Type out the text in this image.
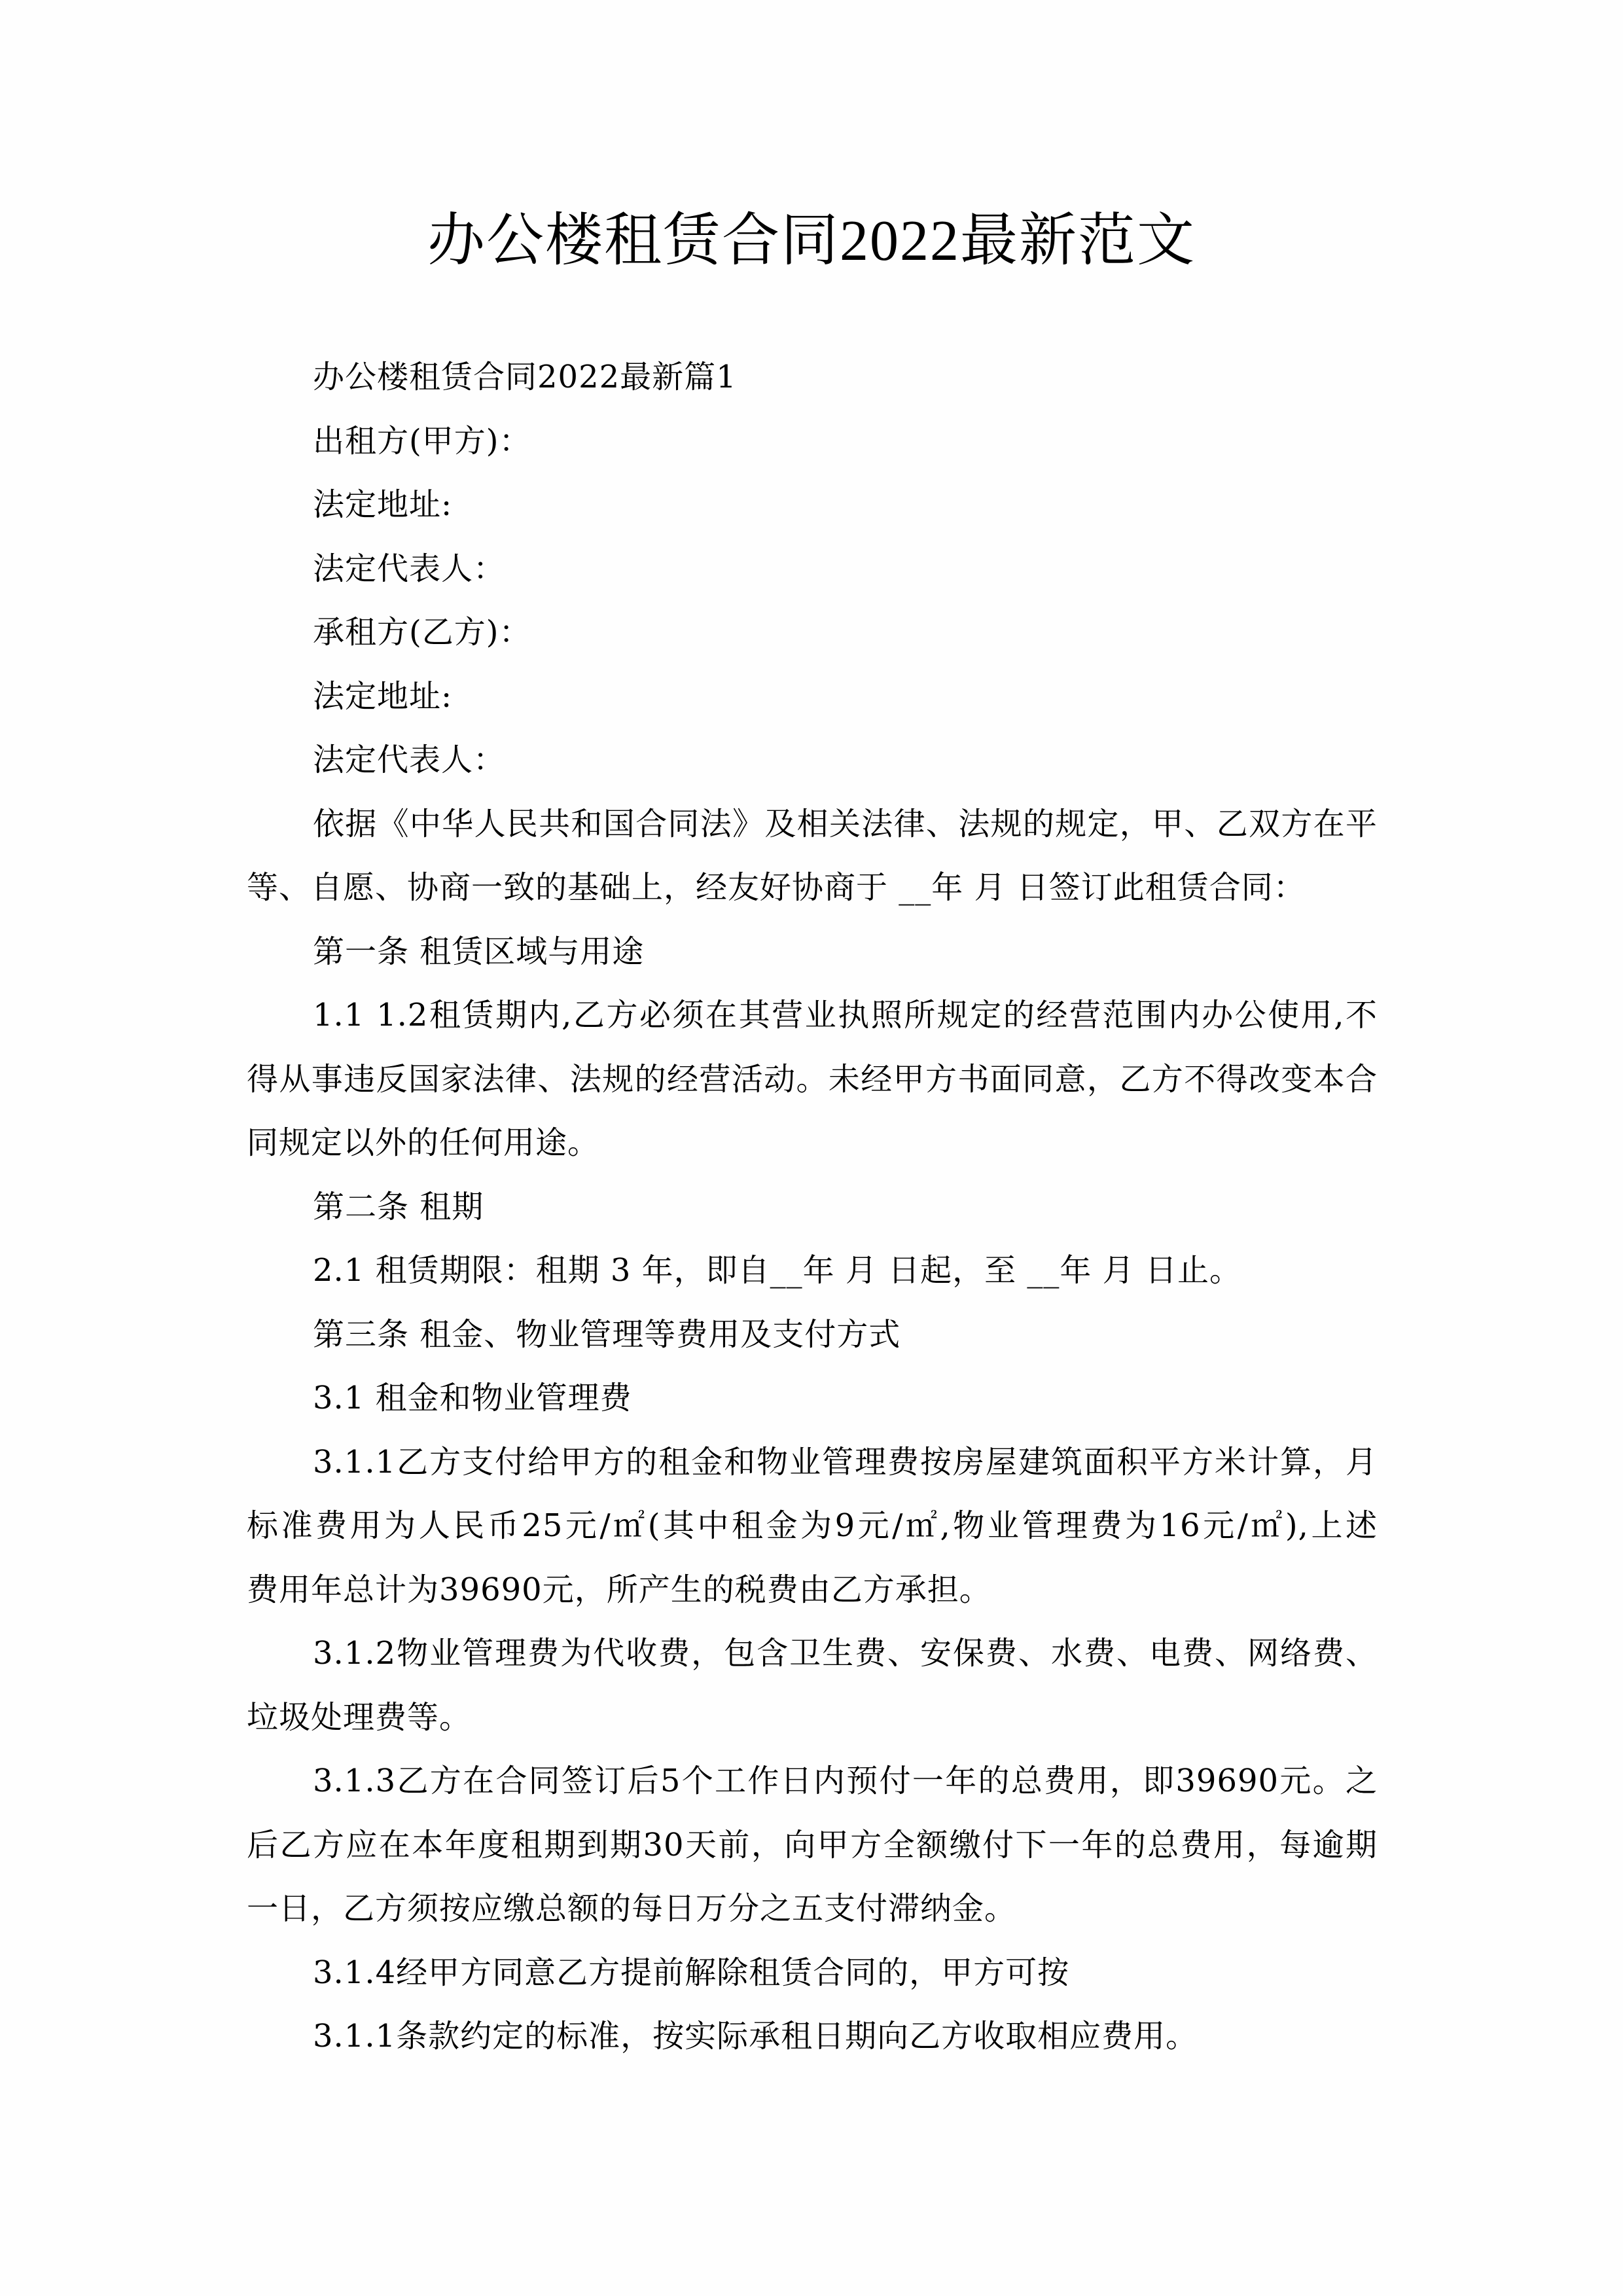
办公楼租赁合同2022最新范文
办公楼租赁合同2022最新篇1
出租方(甲方)：
法定地址:
法定代表人：
承租方(乙方)：
法定地址:
法定代表人：
依据《中华人民共和国合同法》及相关法律、法规的规定，甲、乙双方在平
等、自愿、协商一致的基础上，经友好协商于 __年 月 日签订此租赁合同：
第一条 租赁区域与用途
1.1 1.2租赁期内,乙方必须在其营业执照所规定的经营范围内办公使用,不
得从事违反国家法律、法规的经营活动。未经甲方书面同意，乙方不得改变本合
同规定以外的任何用途。
第二条 租期
2.1 租赁期限：租期 3 年，即自__年 月 日起，至 __年 月 日止。
第三条 租金、物业管理等费用及支付方式
3.1 租金和物业管理费
3.1.1乙方支付给甲方的租金和物业管理费按房屋建筑面积平方米计算，月
标准费用为人民币25元/㎡(其中租金为9元/㎡,物业管理费为16元/㎡),上述
费用年总计为39690元，所产生的税费由乙方承担。
3.1.2物业管理费为代收费，包含卫生费、安保费、水费、电费、网络费、
垃圾处理费等。
3.1.3乙方在合同签订后5个工作日内预付一年的总费用，即39690元。之
后乙方应在本年度租期到期30天前，向甲方全额缴付下一年的总费用，每逾期
一日，乙方须按应缴总额的每日万分之五支付滞纳金。
3.1.4经甲方同意乙方提前解除租赁合同的，甲方可按
3.1.1条款约定的标准，按实际承租日期向乙方收取相应费用。
